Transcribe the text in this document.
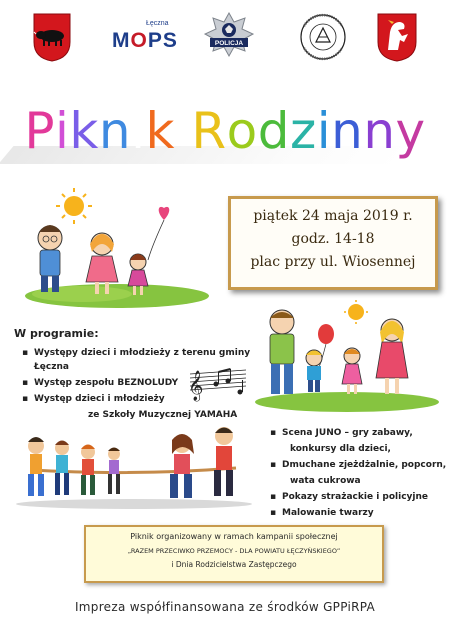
Łęczna
MOPS	POLICJA
Piknik Rodzinny
piątek 24 maja 2019 r.
godz. 14-18
plac przy ul. Wiosennej
W programie:
▪ Występy dzieci i młodzieży z terenu gminy
Łęczna
▪ Występ zespołu BEZNOLUDY
▪ Występ dzieci i młodzieży
ze Szkoły Muzycznej YAMAHA
𝄞
▪ Scena JUNO – gry zabawy,
konkursy dla dzieci,
▪ Dmuchane zjeżdżalnie, popcorn,
wata cukrowa
▪ Pokazy strażackie i policyjne
▪ Malowanie twarzy
Piknik organizowany w ramach kampanii społecznej
„RAZEM PRZECIWKO PRZEMOCY - DLA POWIATU ŁĘCZYŃSKIEGO”
i Dnia Rodzicielstwa Zastępczego
Impreza współfinansowana ze środków GPPiRPA
